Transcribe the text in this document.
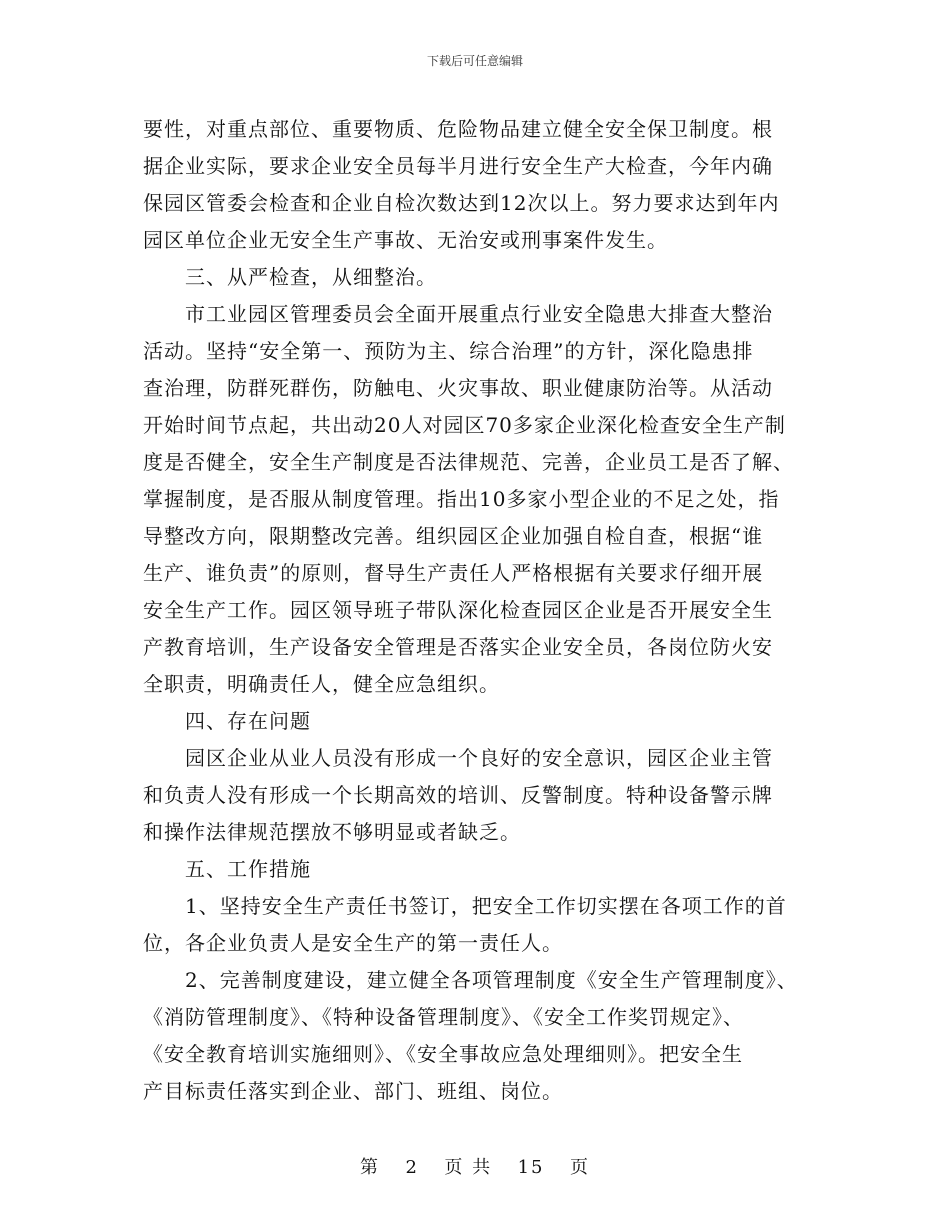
下载后可任意编辑
要性，对重点部位、重要物质、危险物品建立健全安全保卫制度。根
据企业实际，要求企业安全员每半月进行安全生产大检查，今年内确
保园区管委会检查和企业自检次数达到12次以上。努力要求达到年内
园区单位企业无安全生产事故、无治安或刑事案件发生。
三、从严检查，从细整治。
市工业园区管理委员会全面开展重点行业安全隐患大排查大整治
活动。坚持“安全第一、预防为主、综合治理”的方针，深化隐患排
查治理，防群死群伤，防触电、火灾事故、职业健康防治等。从活动
开始时间节点起，共出动20人对园区70多家企业深化检查安全生产制
度是否健全，安全生产制度是否法律规范、完善，企业员工是否了解、
掌握制度，是否服从制度管理。指出10多家小型企业的不足之处，指
导整改方向，限期整改完善。组织园区企业加强自检自查，根据“谁
生产、谁负责”的原则，督导生产责任人严格根据有关要求仔细开展
安全生产工作。园区领导班子带队深化检查园区企业是否开展安全生
产教育培训，生产设备安全管理是否落实企业安全员，各岗位防火安
全职责，明确责任人，健全应急组织。
四、存在问题
园区企业从业人员没有形成一个良好的安全意识，园区企业主管
和负责人没有形成一个长期高效的培训、反警制度。特种设备警示牌
和操作法律规范摆放不够明显或者缺乏。
五、工作措施
1、坚持安全生产责任书签订，把安全工作切实摆在各项工作的首
位，各企业负责人是安全生产的第一责任人。
2、完善制度建设，建立健全各项管理制度《安全生产管理制度》、
《消防管理制度》、《特种设备管理制度》、《安全工作奖罚规定》、
《安全教育培训实施细则》、《安全事故应急处理细则》。把安全生
产目标责任落实到企业、部门、班组、岗位。
第 2 页 共 15 页
